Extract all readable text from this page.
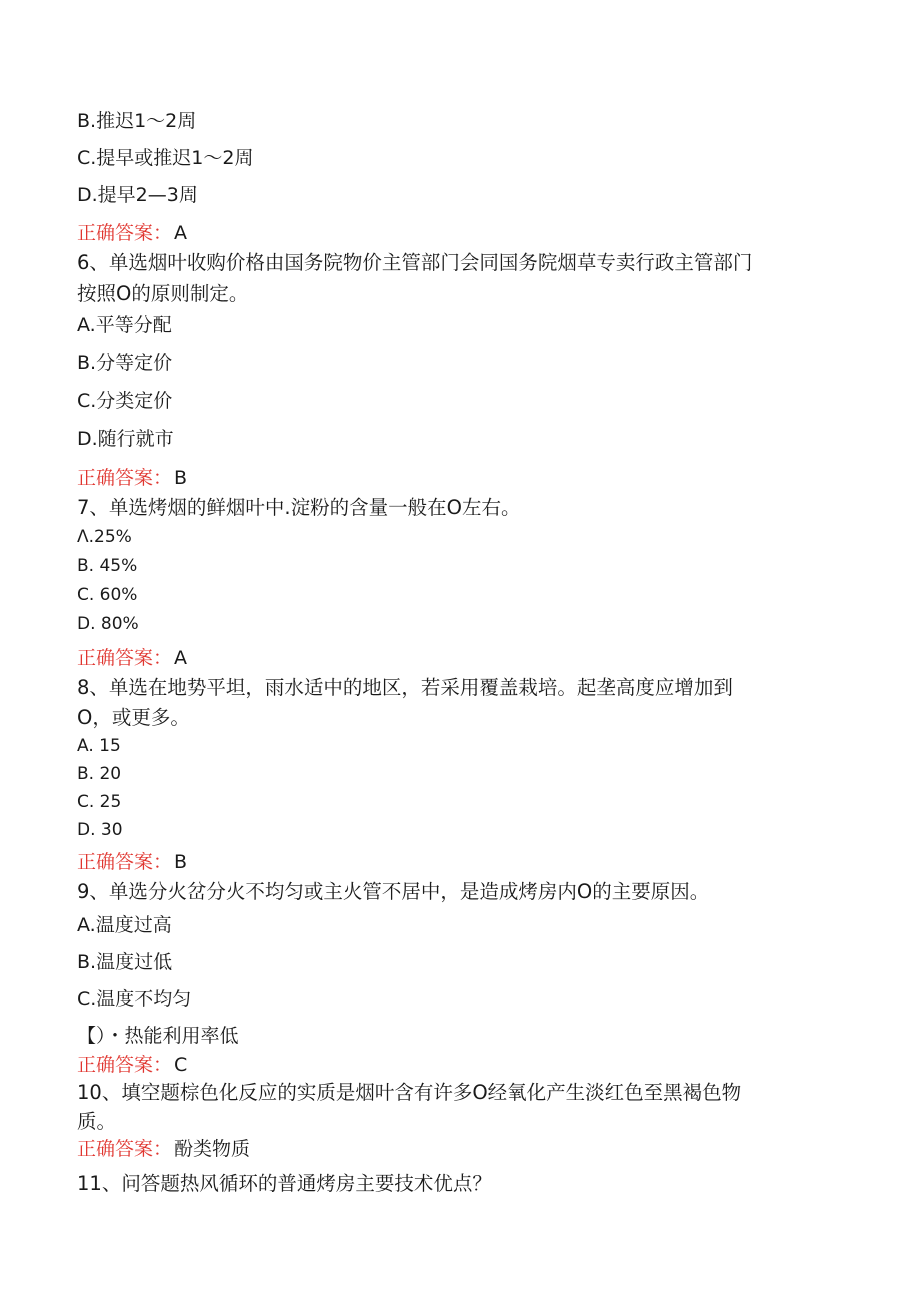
B.推迟1～2周
C.提早或推迟1～2周
D.提早2—3周
正确答案： A
6、单选烟叶收购价格由国务院物价主管部门会同国务院烟草专卖行政主管部门
按照O的原则制定。
A.平等分配
B.分等定价
C.分类定价
D.随行就市
正确答案： B
7、单选烤烟的鲜烟叶中.淀粉的含量一般在O左右。
Λ.25%
B. 45%
C. 60%
D. 80%
正确答案： A
8、单选在地势平坦，雨水适中的地区，若采用覆盖栽培。起垄高度应增加到
O，或更多。
A. 15
B. 20
C. 25
D. 30
正确答案： B
9、单选分火岔分火不均匀或主火管不居中，是造成烤房内O的主要原因。
A.温度过高
B.温度过低
C.温度不均匀
【）・热能利用率低
正确答案： C
10、填空题棕色化反应的实质是烟叶含有许多O经氧化产生淡红色至黑褐色物
质。
正确答案： 酚类物质
11、问答题热风循环的普通烤房主要技术优点？
